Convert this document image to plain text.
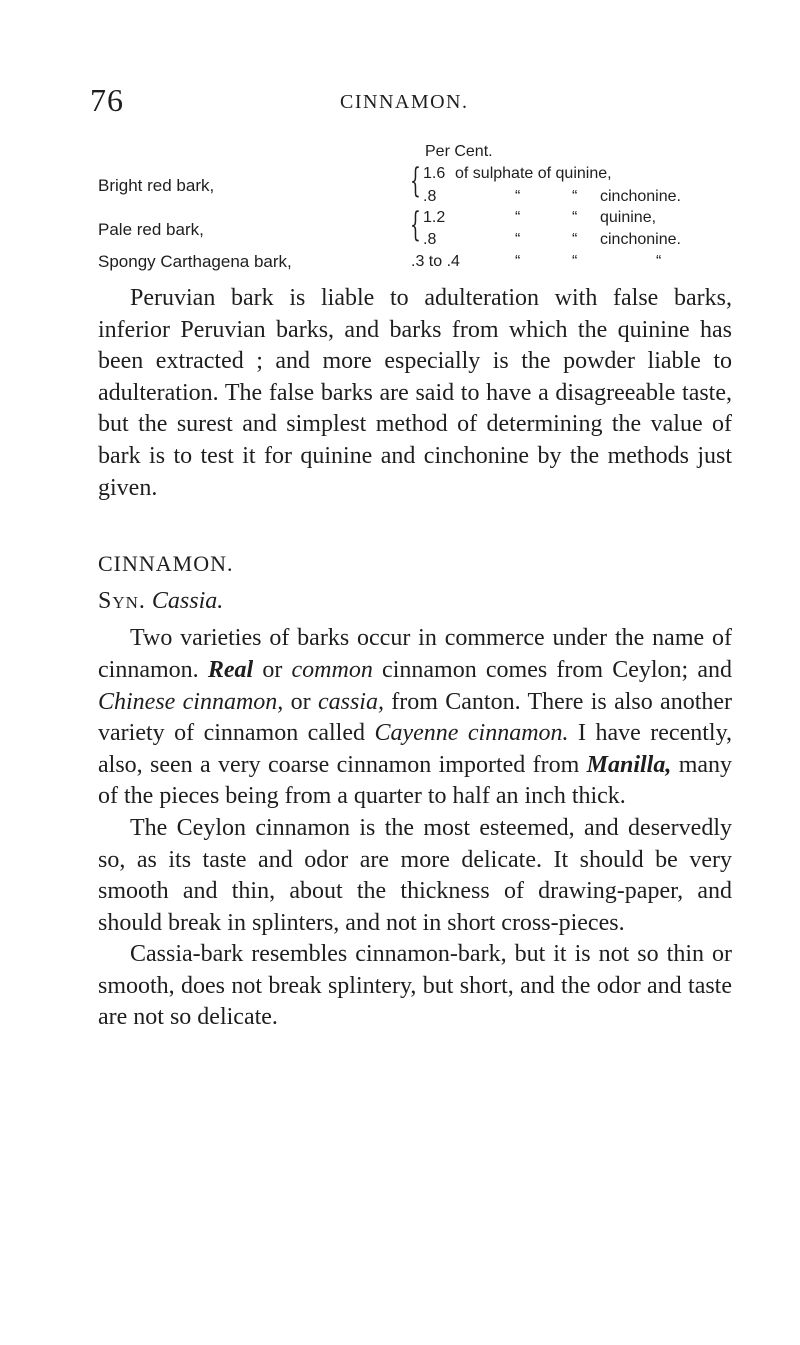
76	CINNAMON.
Per Cent.
Bright red bark,	{ 1.6 of sulphate of quinine,
.8	“	“ cinchonine.
Pale red bark,	{ 1.2	“	“ quinine,
.8	“	“ cinchonine.
Spongy Carthagena bark,	.3 to .4	“	“	“

Peruvian bark is liable to adulteration with false barks, inferior Peruvian barks, and barks from which the quinine has been extracted ; and more especially is the powder liable to adulteration. The false barks are said to have a disagreeable taste, but the surest and simplest method of determining the value of bark is to test it for quinine and cinchonine by the methods just given.

CINNAMON.

Syn. Cassia.

Two varieties of barks occur in commerce under the name of cinnamon. Real or common cinnamon comes from Ceylon; and Chinese cinnamon, or cassia, from Canton. There is also another variety of cinnamon called Cayenne cinnamon. I have recently, also, seen a very coarse cinnamon imported from Manilla, many of the pieces being from a quarter to half an inch thick.

The Ceylon cinnamon is the most esteemed, and deservedly so, as its taste and odor are more delicate. It should be very smooth and thin, about the thickness of drawing-paper, and should break in splinters, and not in short cross-pieces.

Cassia-bark resembles cinnamon-bark, but it is not so thin or smooth, does not break splintery, but short, and the odor and taste are not so delicate.
